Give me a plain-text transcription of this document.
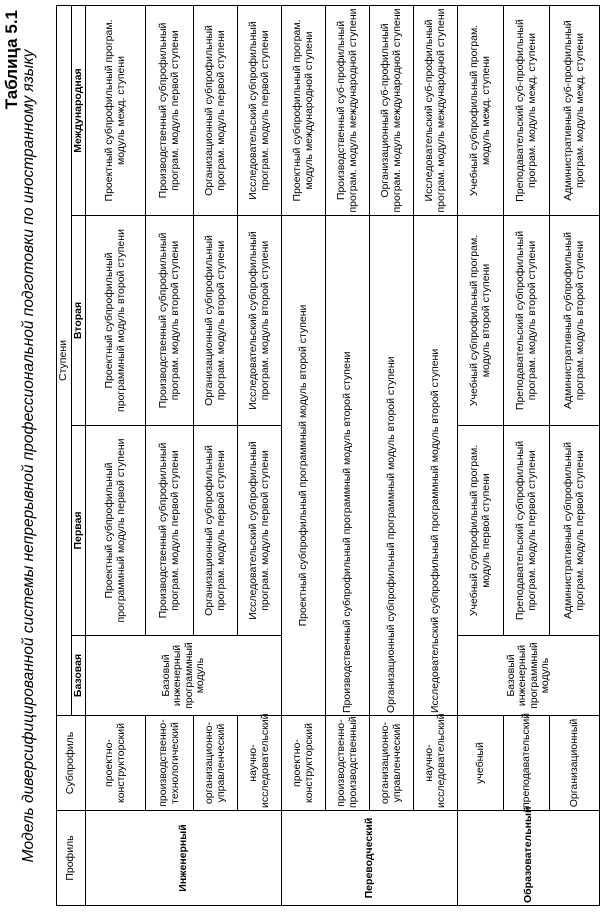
Таблица 5.1 Модель диверсифицированной системы непрерывной профессиональной подготовки по иностранному языку	Профиль	Субпрофиль	Ступени			
		Базовая	Первая	Вторая	Международная
Инженерный	проектно-конструкторский	Базовый инженерный программный модуль	Проектный субпрофильный программный модуль первой ступени	Проектный субпрофильный программный модуль второй ступени	Проектный субпрофильный програм. модуль межд. ступени
	производственно-технологический		Производственный субпрофильный програм. модуль первой ступени	Производственный субпрофильный програм. модуль второй ступени	Производственный субпрофильный програм. модуль первой ступени
	организационно-управленческий		Организационный субпрофильный програм. модуль первой ступени	Организационный субпрофильный програм. модуль второй ступени	Организационный субпрофильный програм. модуль первой ступени
	научно-исследовательский		Исследовательский субпрофильный програм. модуль первой ступени	Исследовательский субпрофильный програм. модуль второй ступени	Исследовательский субпрофильный програм. модуль первой ступени
Переводческий	проектно-конструкторский	Проектный субпрофильный программный модуль второй ступени			Проектный субпрофильный програм. модуль международной ступени
	производственно-производственный	Производственный субпрофильный программный модуль второй ступени			Производственный суб-профильный програм. модуль международной ступени
	организационно-управленческий	Организационный субпрофильный программный модуль второй ступени			Организационный суб-профильный програм. модуль международной ступени
	научно-исследовательский	Исследовательский субпрофильный программный модуль второй ступени			Исследовательский суб-профильный програм. модуль международной ступени
Образовательный	учебный	Базовый инженерный программный модуль	Учебный субпрофильный програм. модуль первой ступени	Учебный субпрофильный програм. модуль второй ступени	Учебный субпрофильный програм. модуль межд. ступени
	преподавательский		Преподавательский субпрофильный програм. модуль первой ступени	Преподавательский субпрофильный програм. модуль второй ступени	Преподавательский суб-профильный програм. модуль межд. ступени
	Организационный		Административный субпрофильный програм. модуль первой ступени	Административный субпрофильный програм. модуль второй ступени	Административный суб-профильный програм. модуль межд. ступени
